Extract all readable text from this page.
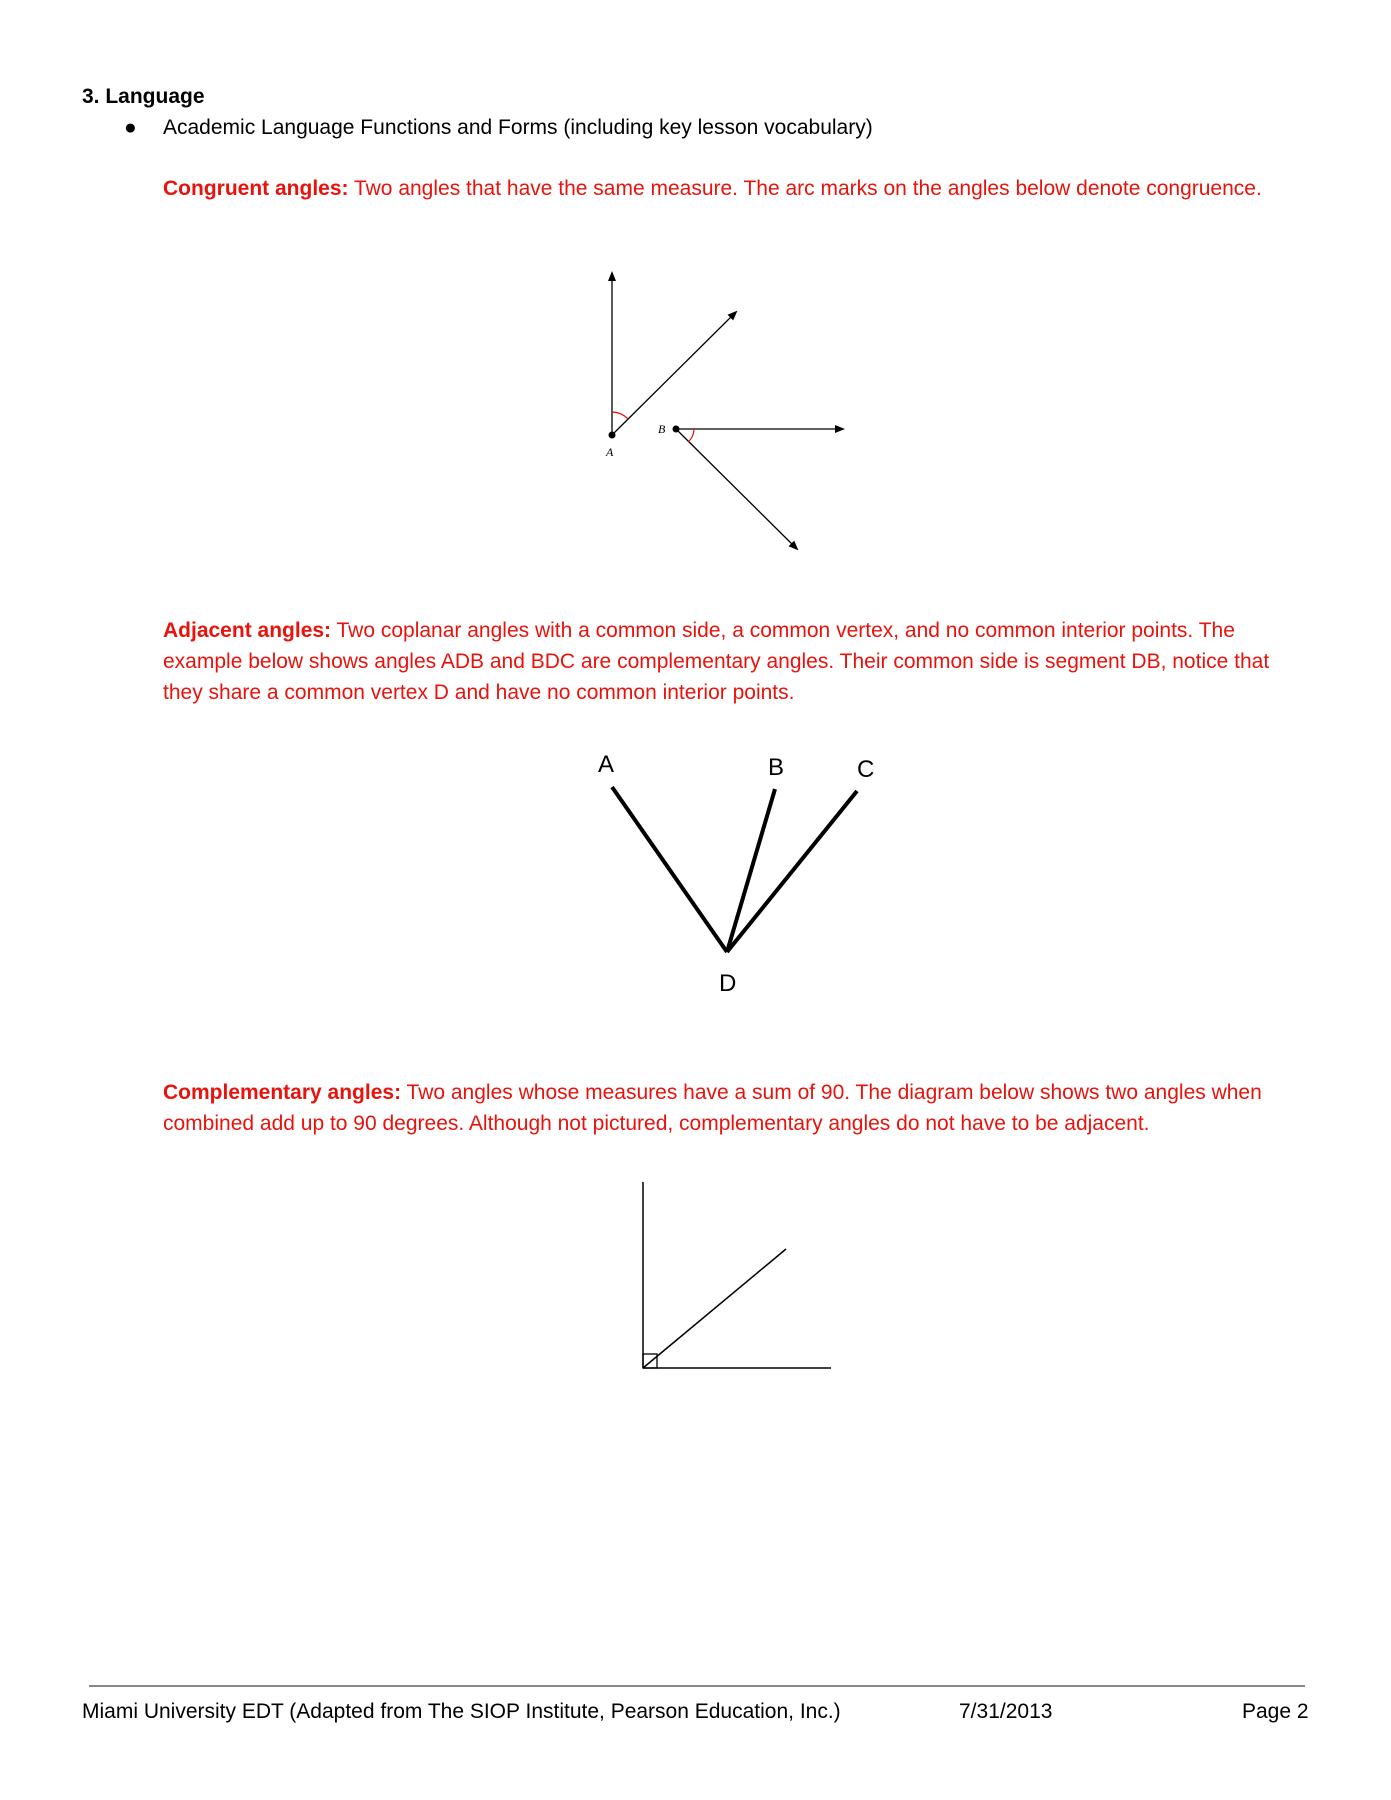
3. Language
● Academic Language Functions and Forms (including key lesson vocabulary)
Congruent angles: Two angles that have the same measure. The arc marks on the angles below denote congruence.
Adjacent angles: Two coplanar angles with a common side, a common vertex, and no common interior points. The example below shows angles ADB and BDC are complementary angles. Their common side is segment DB, notice that they share a common vertex D and have no common interior points.
Complementary angles: Two angles whose measures have a sum of 90. The diagram below shows two angles when combined add up to 90 degrees. Although not pictured, complementary angles do not have to be adjacent.
A
B
A	B	C
D
Miami University EDT (Adapted from The SIOP Institute, Pearson Education, Inc.)	7/31/2013	Page 2
